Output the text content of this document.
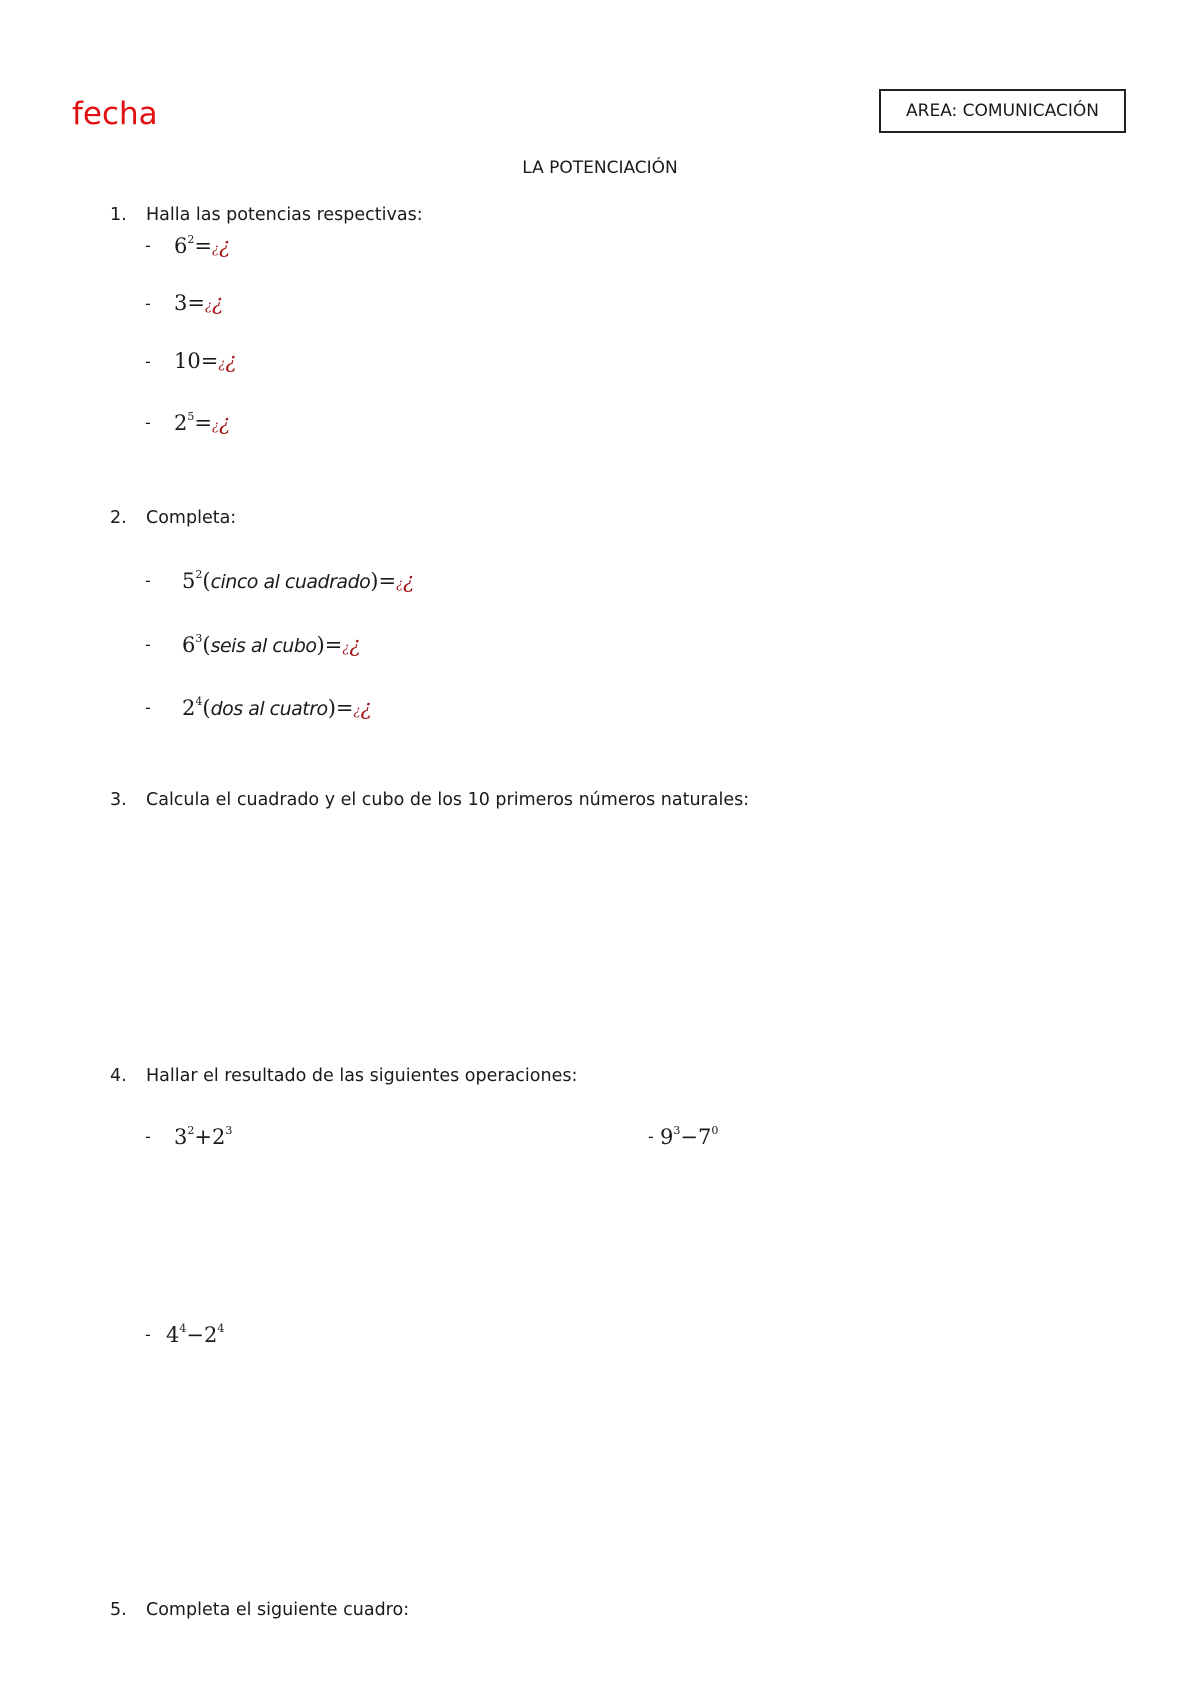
fecha	AREA: COMUNICACIÓN
LA POTENCIACIÓN
1. Halla las potencias respectivas:
- $6^2=¿¿$
- 3=¿¿
- 10=¿¿
- $2^5=¿¿$
2. Completa:
- $5^2(cinco$ al cuadrado)=¿¿
- $6^3(seis$ al cubo)=¿¿
- $2^4(dos$ al cuatro)=¿¿
3. Calcula el cuadrado y el cubo de los 10 primeros números naturales:
4. Hallar el resultado de las siguientes operaciones:
- $3^2+2^3$	- $9^3-7^0$
- $4^4-2^4$
5. Completa el siguiente cuadro:
